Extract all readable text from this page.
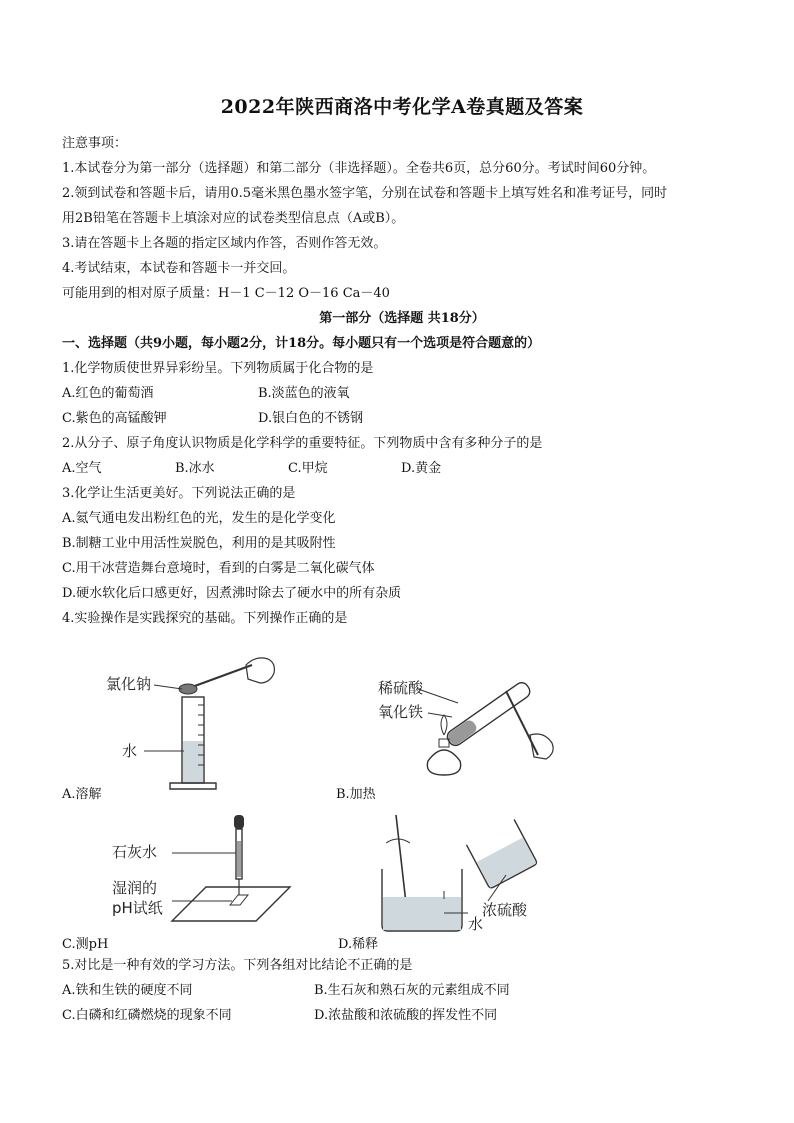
2022年陕西商洛中考化学A卷真题及答案
注意事项：
1.本试卷分为第一部分（选择题）和第二部分（非选择题）。全卷共6页，总分60分。考试时间60分钟。
2.领到试卷和答题卡后，请用0.5毫米黑色墨水签字笔，分别在试卷和答题卡上填写姓名和准考证号，同时
用2B铅笔在答题卡上填涂对应的试卷类型信息点（A或B）。
3.请在答题卡上各题的指定区域内作答，否则作答无效。
4.考试结束，本试卷和答题卡一并交回。
可能用到的相对原子质量：H－1 C－12 O－16 Ca－40
第一部分（选择题 共18分）
一、选择题（共9小题，每小题2分，计18分。每小题只有一个选项是符合题意的）
1.化学物质使世界异彩纷呈。下列物质属于化合物的是
A.红色的葡萄酒	B.淡蓝色的液氧
C.紫色的高锰酸钾	D.银白色的不锈钢
2.从分子、原子角度认识物质是化学科学的重要特征。下列物质中含有多种分子的是
A.空气	B.冰水	C.甲烷	D.黄金
3.化学让生活更美好。下列说法正确的是
A.氦气通电发出粉红色的光，发生的是化学变化
B.制糖工业中用活性炭脱色，利用的是其吸附性
C.用干冰营造舞台意境时，看到的白雾是二氧化碳气体
D.硬水软化后口感更好，因煮沸时除去了硬水中的所有杂质
4.实验操作是实践探究的基础。下列操作正确的是
氯化钠
水
A.溶解
稀硫酸
氧化铁
B.加热
石灰水
湿润的
pH试纸
C.测pH
浓硫酸
水
D.稀释
5.对比是一种有效的学习方法。下列各组对比结论不正确的是
A.铁和生铁的硬度不同	B.生石灰和熟石灰的元素组成不同
C.白磷和红磷燃烧的现象不同	D.浓盐酸和浓硫酸的挥发性不同
